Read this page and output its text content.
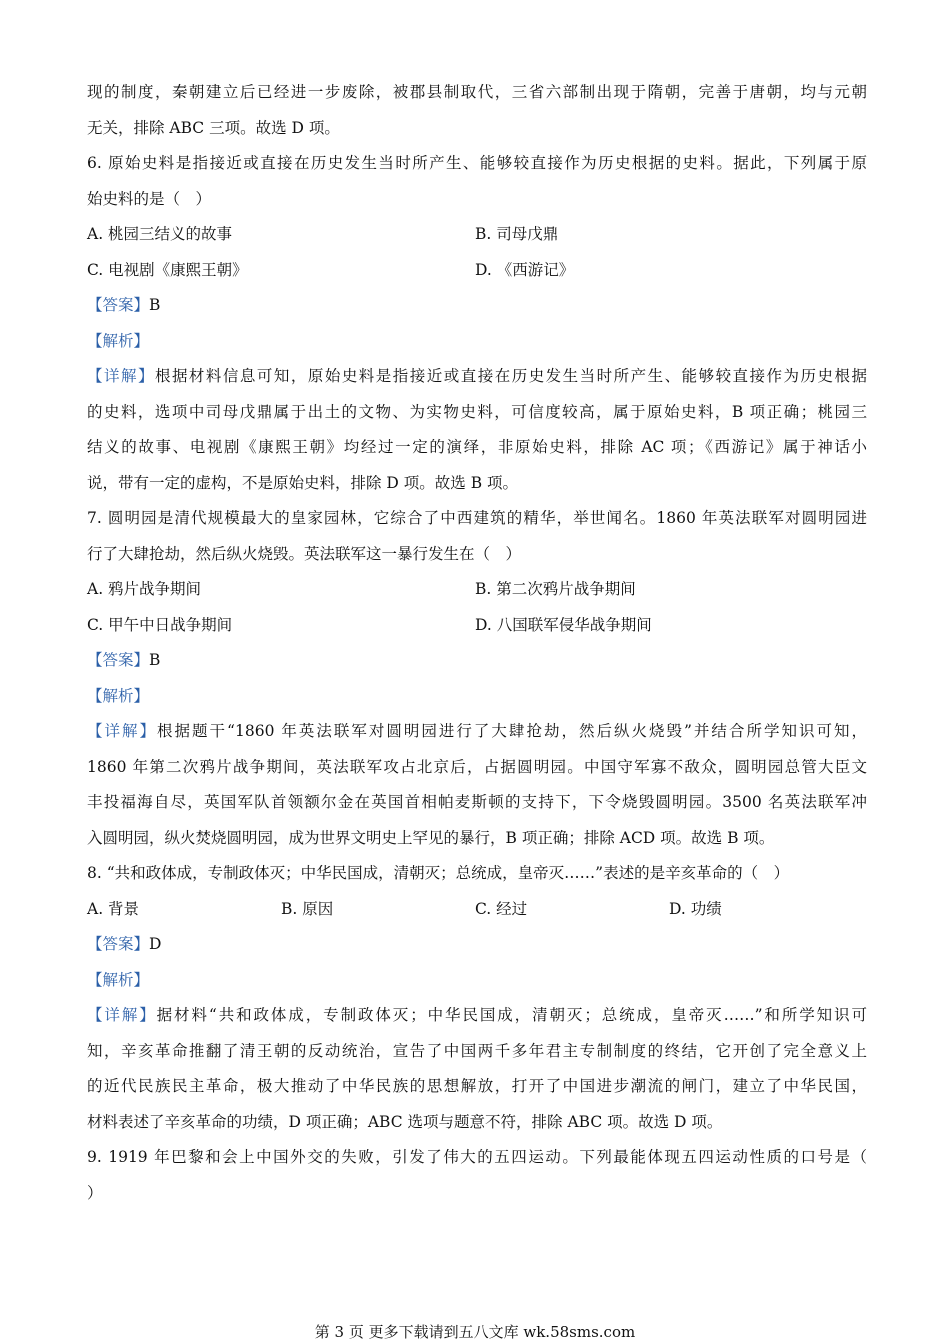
现的制度，秦朝建立后已经进一步废除，被郡县制取代，三省六部制出现于隋朝，完善于唐朝，均与元朝
无关，排除 ABC 三项。故选 D 项。
6. 原始史料是指接近或直接在历史发生当时所产生、能够较直接作为历史根据的史料。据此，下列属于原
始史料的是（　）
A. 桃园三结义的故事	B. 司母戊鼎
C. 电视剧《康熙王朝》	D. 《西游记》
【答案】B
【解析】
【详解】根据材料信息可知，原始史料是指接近或直接在历史发生当时所产生、能够较直接作为历史根据
的史料，选项中司母戊鼎属于出土的文物、为实物史料，可信度较高，属于原始史料，B 项正确；桃园三
结义的故事、电视剧《康熙王朝》均经过一定的演绎，非原始史料，排除 AC 项；《西游记》属于神话小
说，带有一定的虚构，不是原始史料，排除 D 项。故选 B 项。
7. 圆明园是清代规模最大的皇家园林，它综合了中西建筑的精华，举世闻名。1860 年英法联军对圆明园进
行了大肆抢劫，然后纵火烧毁。英法联军这一暴行发生在（　）
A. 鸦片战争期间	B. 第二次鸦片战争期间
C. 甲午中日战争期间	D. 八国联军侵华战争期间
【答案】B
【解析】
【详解】根据题干“1860 年英法联军对圆明园进行了大肆抢劫，然后纵火烧毁”并结合所学知识可知，
1860 年第二次鸦片战争期间，英法联军攻占北京后，占据圆明园。中国守军寡不敌众，圆明园总管大臣文
丰投福海自尽，英国军队首领额尔金在英国首相帕麦斯顿的支持下，下令烧毁圆明园。3500 名英法联军冲
入圆明园，纵火焚烧圆明园，成为世界文明史上罕见的暴行，B 项正确；排除 ACD 项。故选 B 项。
8. “共和政体成，专制政体灭；中华民国成，清朝灭；总统成，皇帝灭……”表述的是辛亥革命的（　）
A. 背景	B. 原因	C. 经过	D. 功绩
【答案】D
【解析】
【详解】据材料“共和政体成，专制政体灭；中华民国成，清朝灭；总统成，皇帝灭……”和所学知识可
知，辛亥革命推翻了清王朝的反动统治，宣告了中国两千多年君主专制制度的终结，它开创了完全意义上
的近代民族民主革命，极大推动了中华民族的思想解放，打开了中国进步潮流的闸门，建立了中华民国，
材料表述了辛亥革命的功绩，D 项正确；ABC 选项与题意不符，排除 ABC 项。故选 D 项。
9. 1919 年巴黎和会上中国外交的失败，引发了伟大的五四运动。下列最能体现五四运动性质的口号是（
）
第 3 页 更多下载请到五八文库 wk.58sms.com
